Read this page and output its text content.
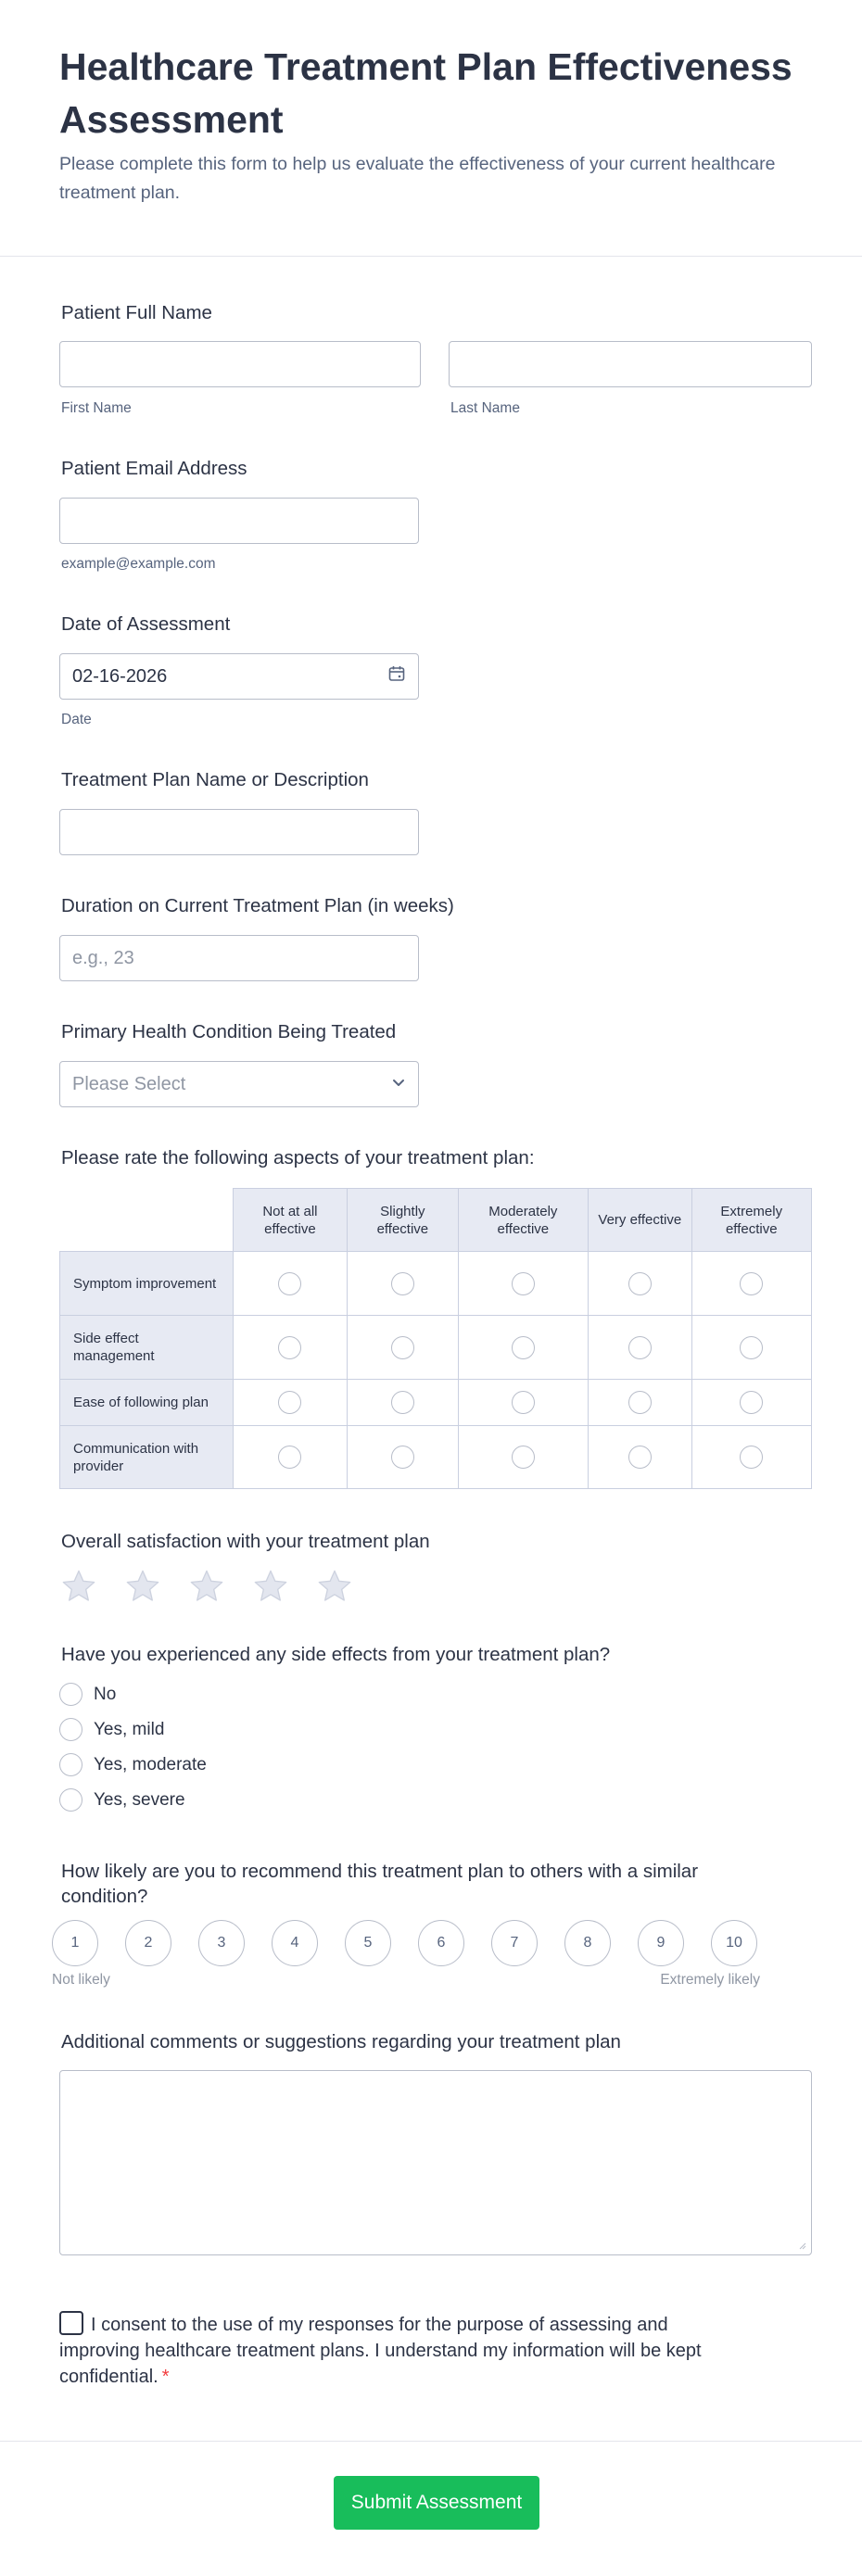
Healthcare Treatment Plan Effectiveness Assessment

Please complete this form to help us evaluate the effectiveness of your current healthcare treatment plan.

Patient Full Name
First Name	Last Name
Patient Email Address
example@example.com
Date of Assessment
02-16-2026
Date
Treatment Plan Name or Description
Duration on Current Treatment Plan (in weeks)
e.g., 23
Primary Health Condition Being Treated
Please Select
Please rate the following aspects of your treatment plan:
	Not at all effective	Slightly effective	Moderately effective	Very effective	Extremely effective
Symptom improvement					
Side effect management					
Ease of following plan					
Communication with provider					
Overall satisfaction with your treatment plan
Have you experienced any side effects from your treatment plan?
No
Yes, mild
Yes, moderate
Yes, severe
How likely are you to recommend this treatment plan to others with a similar condition?
1	2	3	4	5	6	7	8	9	10
Not likely	Extremely likely
Additional comments or suggestions regarding your treatment plan
I consent to the use of my responses for the purpose of assessing and improving healthcare treatment plans. I understand my information will be kept confidential. *
Submit Assessment
